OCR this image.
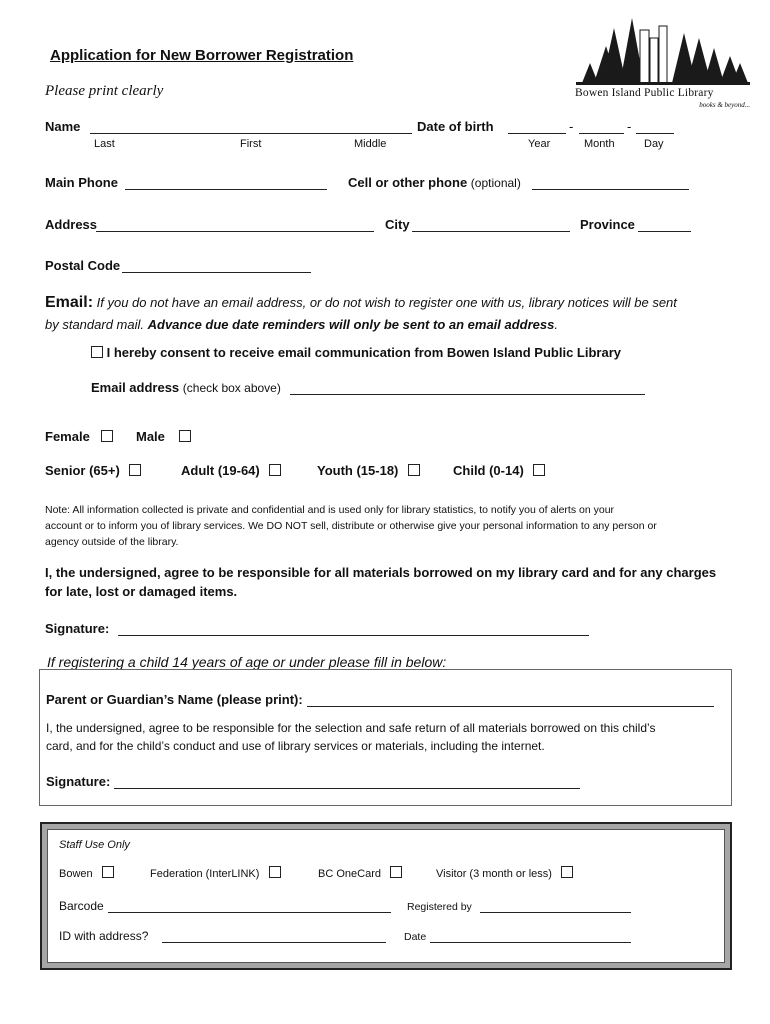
Application for New Borrower Registration
Please print clearly	Bowen Island Public Library
books & beyond...
Name	Date of birth	-	-
Last	First	Middle	Year	Month	Day
Main Phone	Cell or other phone (optional)
Address	City	Province
Postal Code
Email: If you do not have an email address, or do not wish to register one with us, library notices will be sent
by standard mail. Advance due date reminders will only be sent to an email address.
I hereby consent to receive email communication from Bowen Island Public Library
Email address (check box above)
Female	Male
Senior (65+)	Adult (19-64)	Youth (15-18)	Child (0-14)
Note: All information collected is private and confidential and is used only for library statistics, to notify you of alerts on your
account or to inform you of library services. We DO NOT sell, distribute or otherwise give your personal information to any person or
agency outside of the library.
I, the undersigned, agree to be responsible for all materials borrowed on my library card and for any charges
for late, lost or damaged items.
Signature:
If registering a child 14 years of age or under please fill in below:
Parent or Guardian’s Name (please print):
I, the undersigned, agree to be responsible for the selection and safe return of all materials borrowed on this child’s
card, and for the child’s conduct and use of library services or materials, including the internet.
Signature:
Staff Use Only
Bowen	Federation (InterLINK)	BC OneCard	Visitor (3 month or less)
Barcode	Registered by
ID with address?	Date
